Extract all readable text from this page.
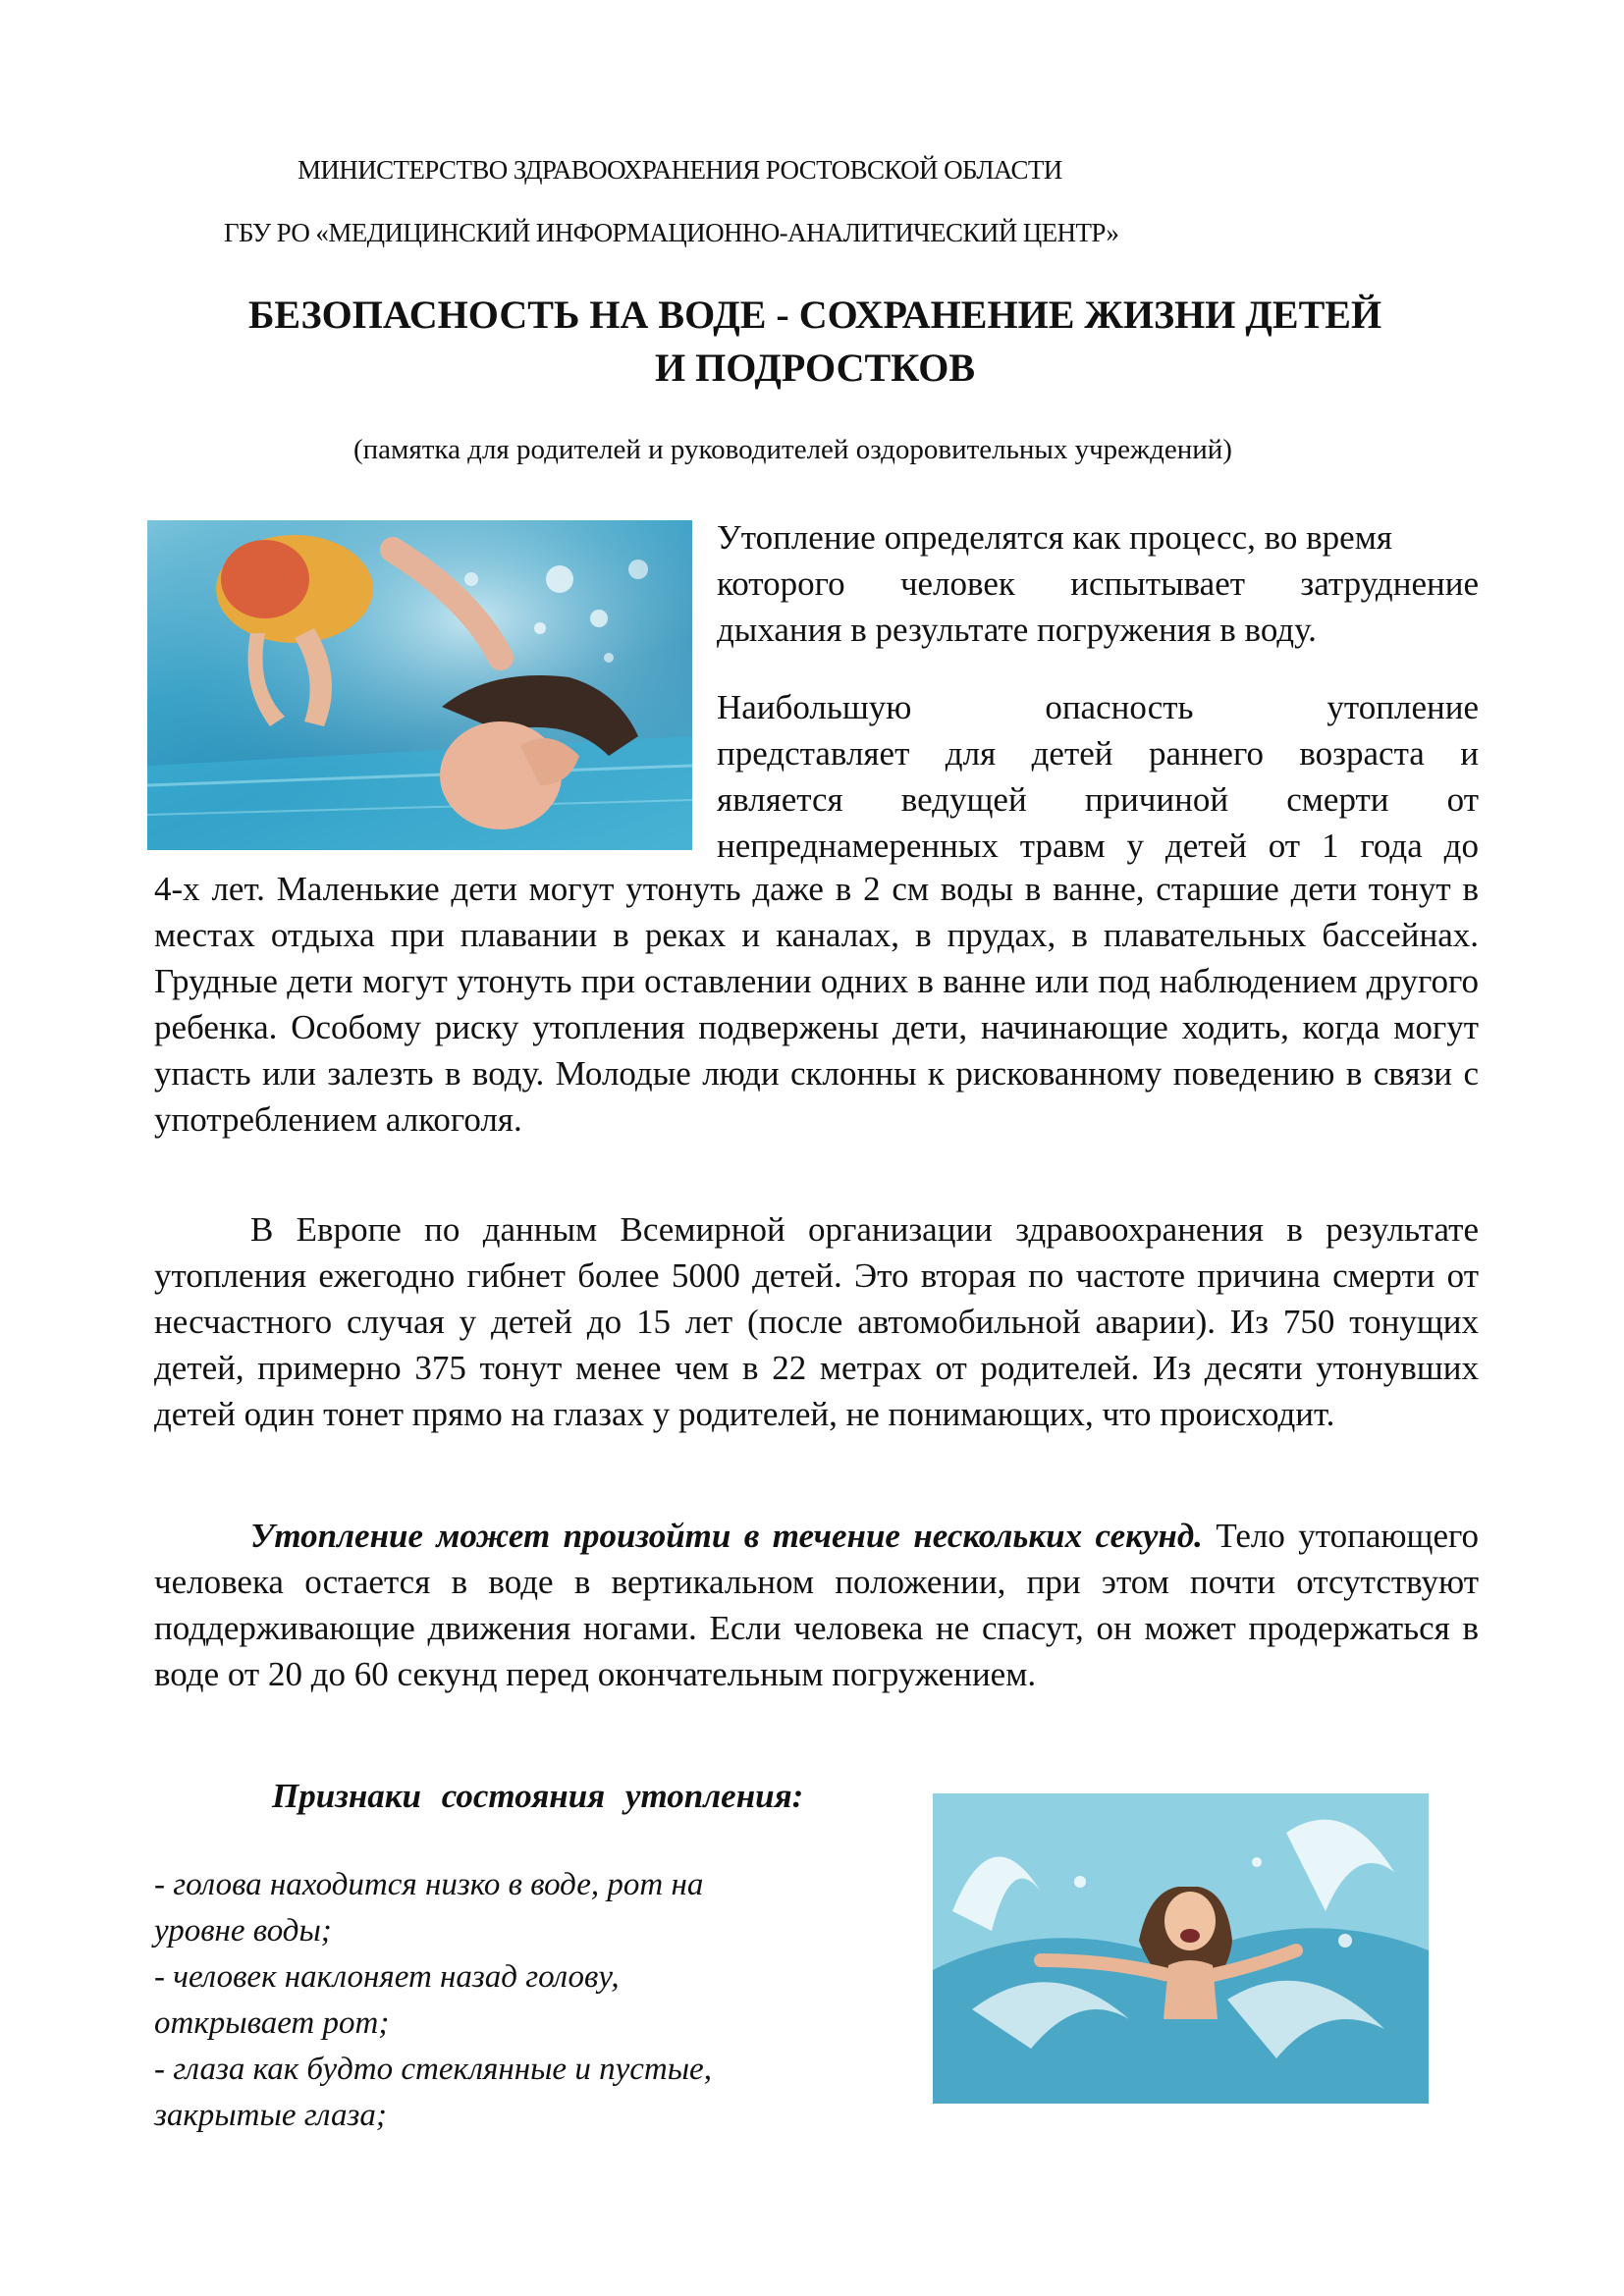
МИНИСТЕРСТВО ЗДРАВООХРАНЕНИЯ РОСТОВСКОЙ ОБЛАСТИ
ГБУ РО «МЕДИЦИНСКИЙ ИНФОРМАЦИОННО-АНАЛИТИЧЕСКИЙ ЦЕНТР»
БЕЗОПАСНОСТЬ НА ВОДЕ - СОХРАНЕНИЕ ЖИЗНИ ДЕТЕЙ
И ПОДРОСТКОВ
(памятка для родителей и руководителей оздоровительных учреждений)
Утопление определятся как процесс, во время
которого человек испытывает затруднение
дыхания в результате погружения в воду.
Наибольшую опасность утопление
представляет для детей раннего возраста и
является ведущей причиной смерти от
непреднамеренных травм у детей от 1 года до
4-х лет. Маленькие дети могут утонуть даже в 2 см воды в ванне, старшие дети тонут в местах отдыха при плавании в реках и каналах, в прудах, в плавательных бассейнах. Грудные дети могут утонуть при оставлении одних в ванне или под наблюдением другого ребенка. Особому риску утопления подвержены дети, начинающие ходить, когда могут упасть или залезть в воду. Молодые люди склонны к рискованному поведению в связи с употреблением алкоголя.
В Европе по данным Всемирной организации здравоохранения в результате утопления ежегодно гибнет более 5000 детей. Это вторая по частоте причина смерти от несчастного случая у детей до 15 лет (после автомобильной аварии). Из 750 тонущих детей, примерно 375 тонут менее чем в 22 метрах от родителей. Из десяти утонувших детей один тонет прямо на глазах у родителей, не понимающих, что происходит.
Утопление может произойти в течение нескольких секунд. Тело утопающего человека остается в воде в вертикальном положении, при этом почти отсутствуют поддерживающие движения ногами. Если человека не спасут, он может продержаться в воде от 20 до 60 секунд перед окончательным погружением.
Признаки состояния утопления:
- голова находится низко в воде, рот на
уровне воды;
- человек наклоняет назад голову,
открывает рот;
- глаза как будто стеклянные и пустые,
закрытые глаза;
